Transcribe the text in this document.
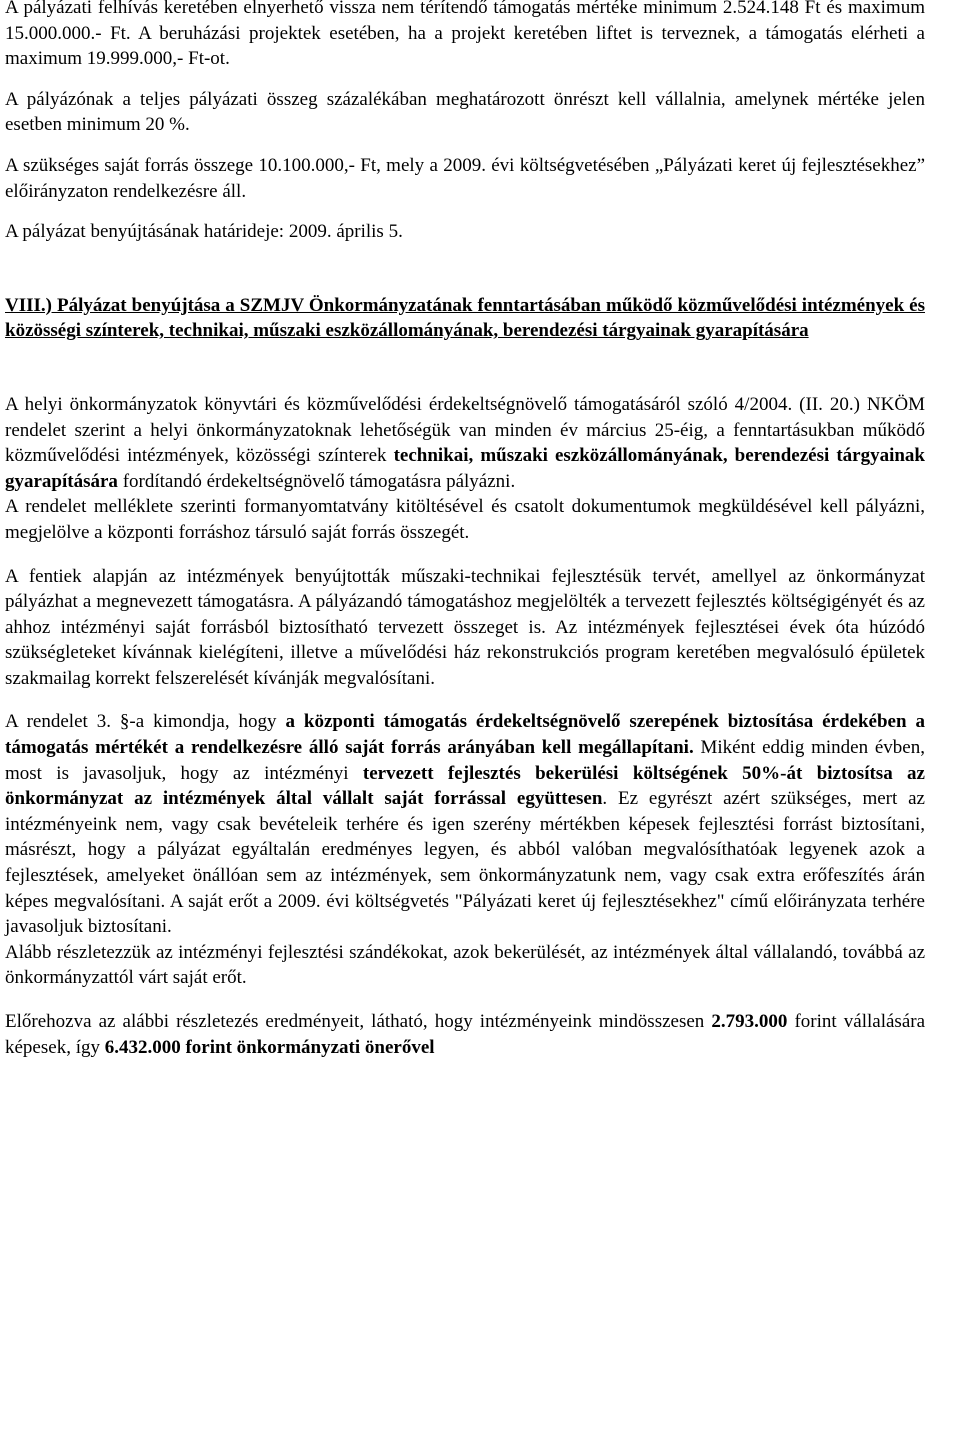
A pályázati felhívás keretében elnyerhető vissza nem térítendő támogatás mértéke minimum 2.524.148 Ft és maximum 15.000.000.- Ft. A beruházási projektek esetében, ha a projekt keretében liftet is terveznek, a támogatás elérheti a maximum 19.999.000,- Ft-ot.

A pályázónak a teljes pályázati összeg százalékában meghatározott önrészt kell vállalnia, amelynek mértéke jelen esetben minimum 20 %.

A szükséges saját forrás összege 10.100.000,- Ft, mely a 2009. évi költségvetésében „Pályázati keret új fejlesztésekhez” előirányzaton rendelkezésre áll.

A pályázat benyújtásának határideje: 2009. április 5.

VIII.) Pályázat benyújtása a SZMJV Önkormányzatának fenntartásában működő közművelődési intézmények és közösségi színterek, technikai, műszaki eszközállományának, berendezési tárgyainak gyarapítására

A helyi önkormányzatok könyvtári és közművelődési érdekeltségnövelő támogatásáról szóló 4/2004. (II. 20.) NKÖM rendelet szerint a helyi önkormányzatoknak lehetőségük van minden év március 25-éig, a fenntartásukban működő közművelődési intézmények, közösségi színterek technikai, műszaki eszközállományának, berendezési tárgyainak gyarapítására fordítandó érdekeltségnövelő támogatásra pályázni.

A rendelet melléklete szerinti formanyomtatvány kitöltésével és csatolt dokumentumok megküldésével kell pályázni, megjelölve a központi forráshoz társuló saját forrás összegét.

A fentiek alapján az intézmények benyújtották műszaki-technikai fejlesztésük tervét, amellyel az önkormányzat pályázhat a megnevezett támogatásra. A pályázandó támogatáshoz megjelölték a tervezett fejlesztés költségigényét és az ahhoz intézményi saját forrásból biztosítható tervezett összeget is. Az intézmények fejlesztései évek óta húzódó szükségleteket kívánnak kielégíteni, illetve a művelődési ház rekonstrukciós program keretében megvalósuló épületek szakmailag korrekt felszerelését kívánják megvalósítani.

A rendelet 3. §-a kimondja, hogy a központi támogatás érdekeltségnövelő szerepének biztosítása érdekében a támogatás mértékét a rendelkezésre álló saját forrás arányában kell megállapítani. Miként eddig minden évben, most is javasoljuk, hogy az intézményi tervezett fejlesztés bekerülési költségének 50%-át biztosítsa az önkormányzat az intézmények által vállalt saját forrással együttesen. Ez egyrészt azért szükséges, mert az intézményeink nem, vagy csak bevételeik terhére és igen szerény mértékben képesek fejlesztési forrást biztosítani, másrészt, hogy a pályázat egyáltalán eredményes legyen, és abból valóban megvalósíthatóak legyenek azok a fejlesztések, amelyeket önállóan sem az intézmények, sem önkormányzatunk nem, vagy csak extra erőfeszítés árán képes megvalósítani. A saját erőt a 2009. évi költségvetés "Pályázati keret új fejlesztésekhez" című előirányzata terhére javasoljuk biztosítani.

Alább részletezzük az intézményi fejlesztési szándékokat, azok bekerülését, az intézmények által vállalandó, továbbá az önkormányzattól várt saját erőt.

Előrehozva az alábbi részletezés eredményeit, látható, hogy intézményeink mindösszesen 2.793.000 forint vállalására képesek, így 6.432.000 forint önkormányzati önerővel
